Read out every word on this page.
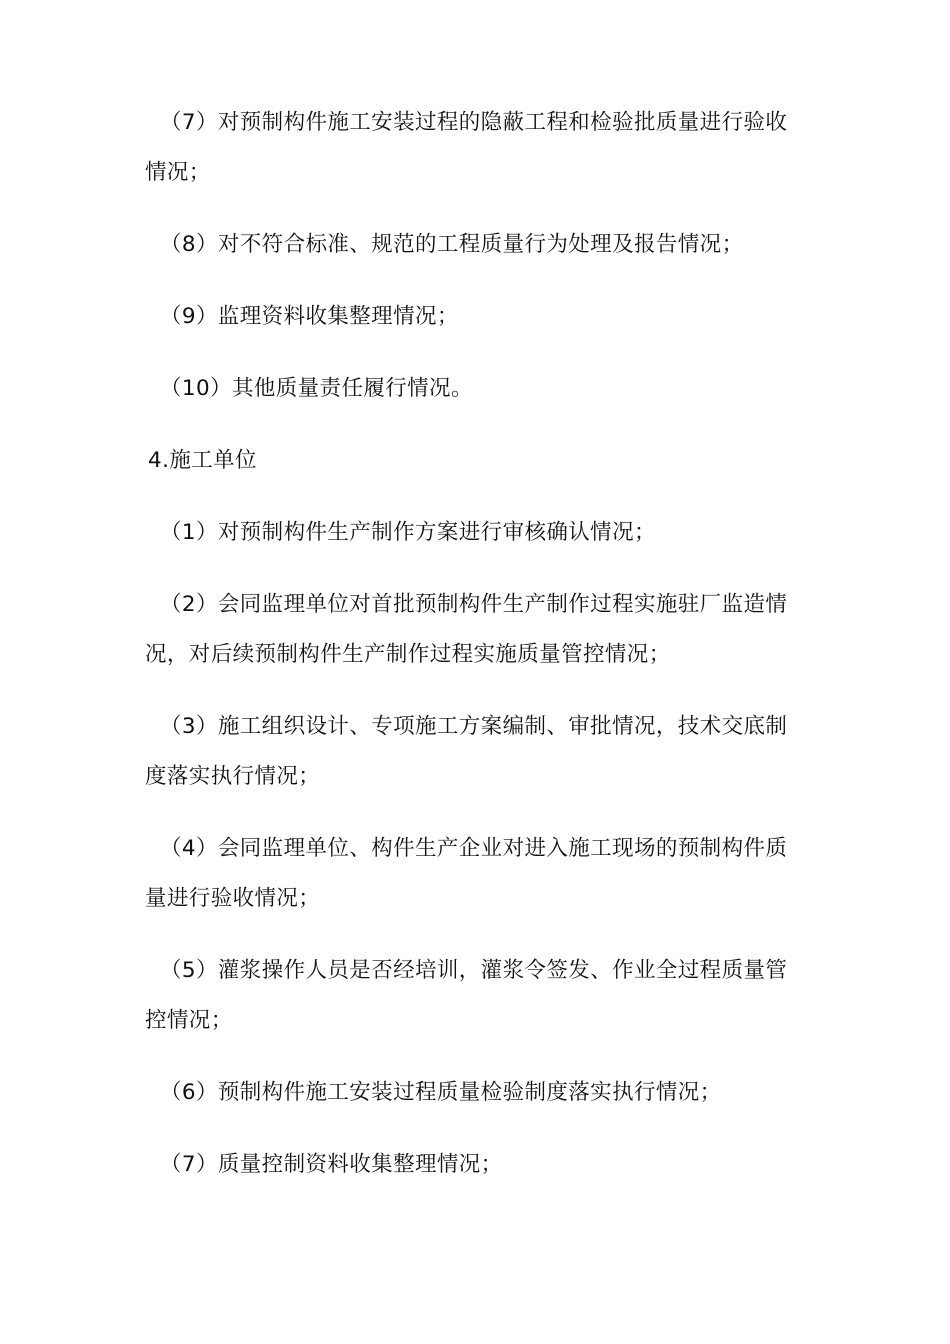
（7）对预制构件施工安装过程的隐蔽工程和检验批质量进行验收情况；

（8）对不符合标准、规范的工程质量行为处理及报告情况；

（9）监理资料收集整理情况；

（10）其他质量责任履行情况。

4.施工单位

（1）对预制构件生产制作方案进行审核确认情况；

（2）会同监理单位对首批预制构件生产制作过程实施驻厂监造情况，对后续预制构件生产制作过程实施质量管控情况；

（3）施工组织设计、专项施工方案编制、审批情况，技术交底制度落实执行情况；

（4）会同监理单位、构件生产企业对进入施工现场的预制构件质量进行验收情况；

（5）灌浆操作人员是否经培训，灌浆令签发、作业全过程质量管控情况；

（6）预制构件施工安装过程质量检验制度落实执行情况；

（7）质量控制资料收集整理情况；
